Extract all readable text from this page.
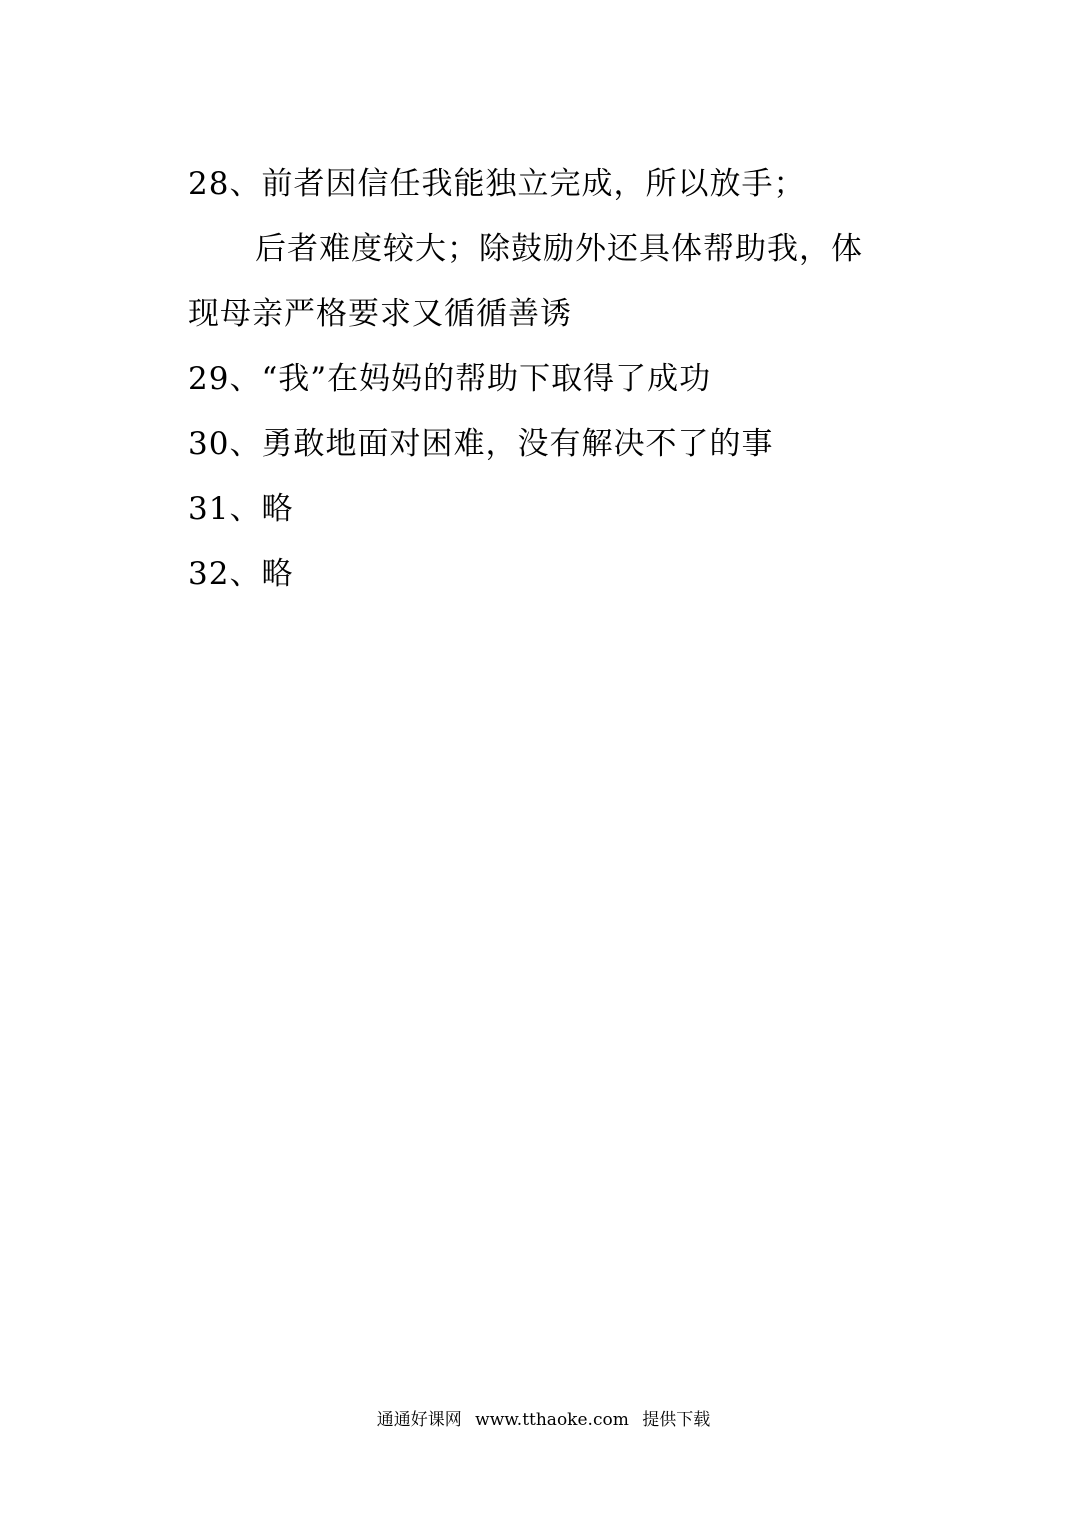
28、前者因信任我能独立完成，所以放手；
后者难度较大；除鼓励外还具体帮助我，体
现母亲严格要求又循循善诱
29、“我”在妈妈的帮助下取得了成功
30、勇敢地面对困难，没有解决不了的事
31、略
32、略
通通好课网 www.tthaoke.com 提供下载
